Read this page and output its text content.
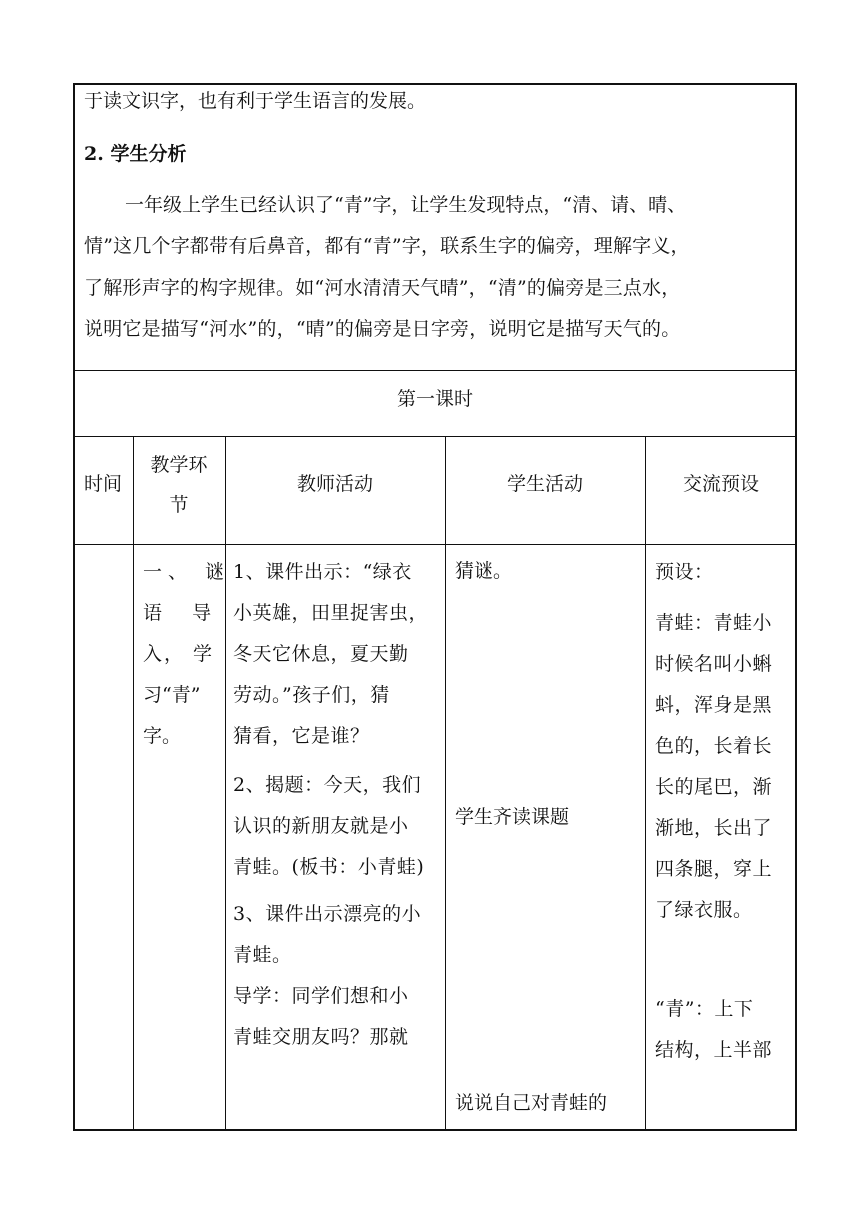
于读文识字，也有利于学生语言的发展。
2. 学生分析
一年级上学生已经认识了“青”字，让学生发现特点，“清、请、晴、
情”这几个字都带有后鼻音，都有“青”字，联系生字的偏旁，理解字义，
了解形声字的构字规律。如“河水清清天气晴”，“清”的偏旁是三点水，
说明它是描写“河水”的，“晴”的偏旁是日字旁，说明它是描写天气的。
第一课时
时间
教学环
节
教师活动	学生活动	交流预设
一、 谜
语  导
入， 学
习“青”
字。
1、课件出示：“绿衣
小英雄，田里捉害虫，
冬天它休息，夏天勤
劳动。”孩子们，猜
猜看，它是谁？
2、揭题：今天，我们
认识的新朋友就是小
青蛙。(板书：小青蛙)
3、课件出示漂亮的小
青蛙。
导学：同学们想和小
青蛙交朋友吗？那就
猜谜。
学生齐读课题
说说自己对青蛙的
预设：
青蛙：青蛙小
时候名叫小蝌
蚪，浑身是黑
色的，长着长
长的尾巴，渐
渐地，长出了
四条腿，穿上
了绿衣服。
“青”：上下
结构，上半部
